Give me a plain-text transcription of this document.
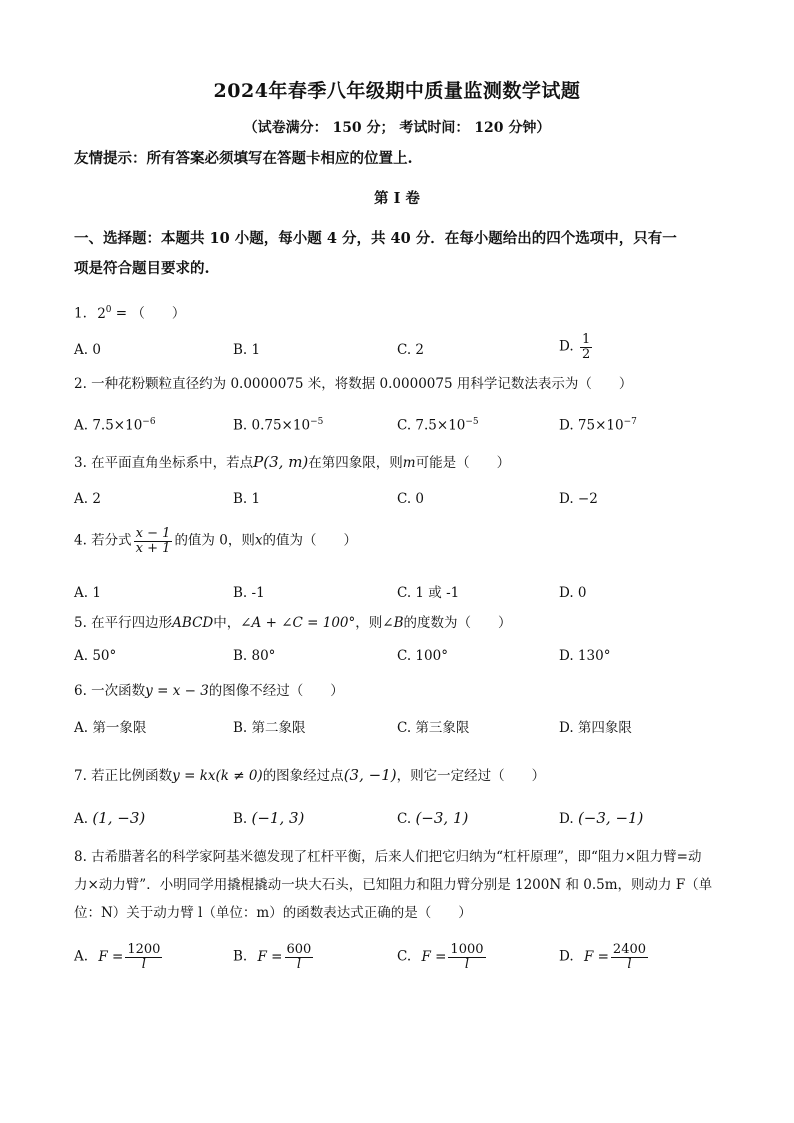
2024年春季八年级期中质量监测数学试题
（试卷满分： 150 分； 考试时间： 120 分钟）
友情提示：所有答案必须填写在答题卡相应的位置上.
第 I 卷
一、选择题：本题共 10 小题，每小题 4 分，共 40 分．在每小题给出的四个选项中，只有一
项是符合题目要求的.
1. $2^0$ = （　　）
A. 0	B. 1	C. 2	D. $\frac{1}{2}$
2. 一种花粉颗粒直径约为 0.0000075 米，将数据 0.0000075 用科学记数法表示为（　　）
A. $7.5\times 10^{-6}$	B. $0.75\times 10^{-5}$	C. $7.5\times 10^{-5}$	D. $75\times 10^{-7}$
3. 在平面直角坐标系中，若点P(3, m)在第四象限，则m可能是（　　）
A. 2	B. 1	C. 0	D. −2
4. 若分式 $\frac{x - 1}{x + 1}$ 的值为 0，则x的值为（　　）
A. 1	B. -1	C. 1 或 -1	D. 0
5. 在平行四边形ABCD中，∠A + ∠C = 100°，则∠B的度数为（　　）
A. 50°	B. 80°	C. 100°	D. 130°
6. 一次函数y = x − 3的图像不经过（　　）
A. 第一象限	B. 第二象限	C. 第三象限	D. 第四象限
7. 若正比例函数y = kx(k ≠ 0)的图象经过点(3, −1)，则它一定经过（　　）
A. (1, −3)	B. (−1, 3)	C. (−3, 1)	D. (−3, −1)
8. 古希腊著名的科学家阿基米德发现了杠杆平衡，后来人们把它归纳为“杠杆原理”，即“阻力×阻力臂=动
力×动力臂”．小明同学用撬棍撬动一块大石头，已知阻力和阻力臂分别是 1200N 和 0.5m，则动力 F（单
位：N）关于动力臂 l（单位：m）的函数表达式正确的是（　　）
A. $F = \frac{1200}{l}$	B. $F = \frac{600}{l}$	C. $F = \frac{1000}{l}$	D. $F = \frac{2400}{l}$
